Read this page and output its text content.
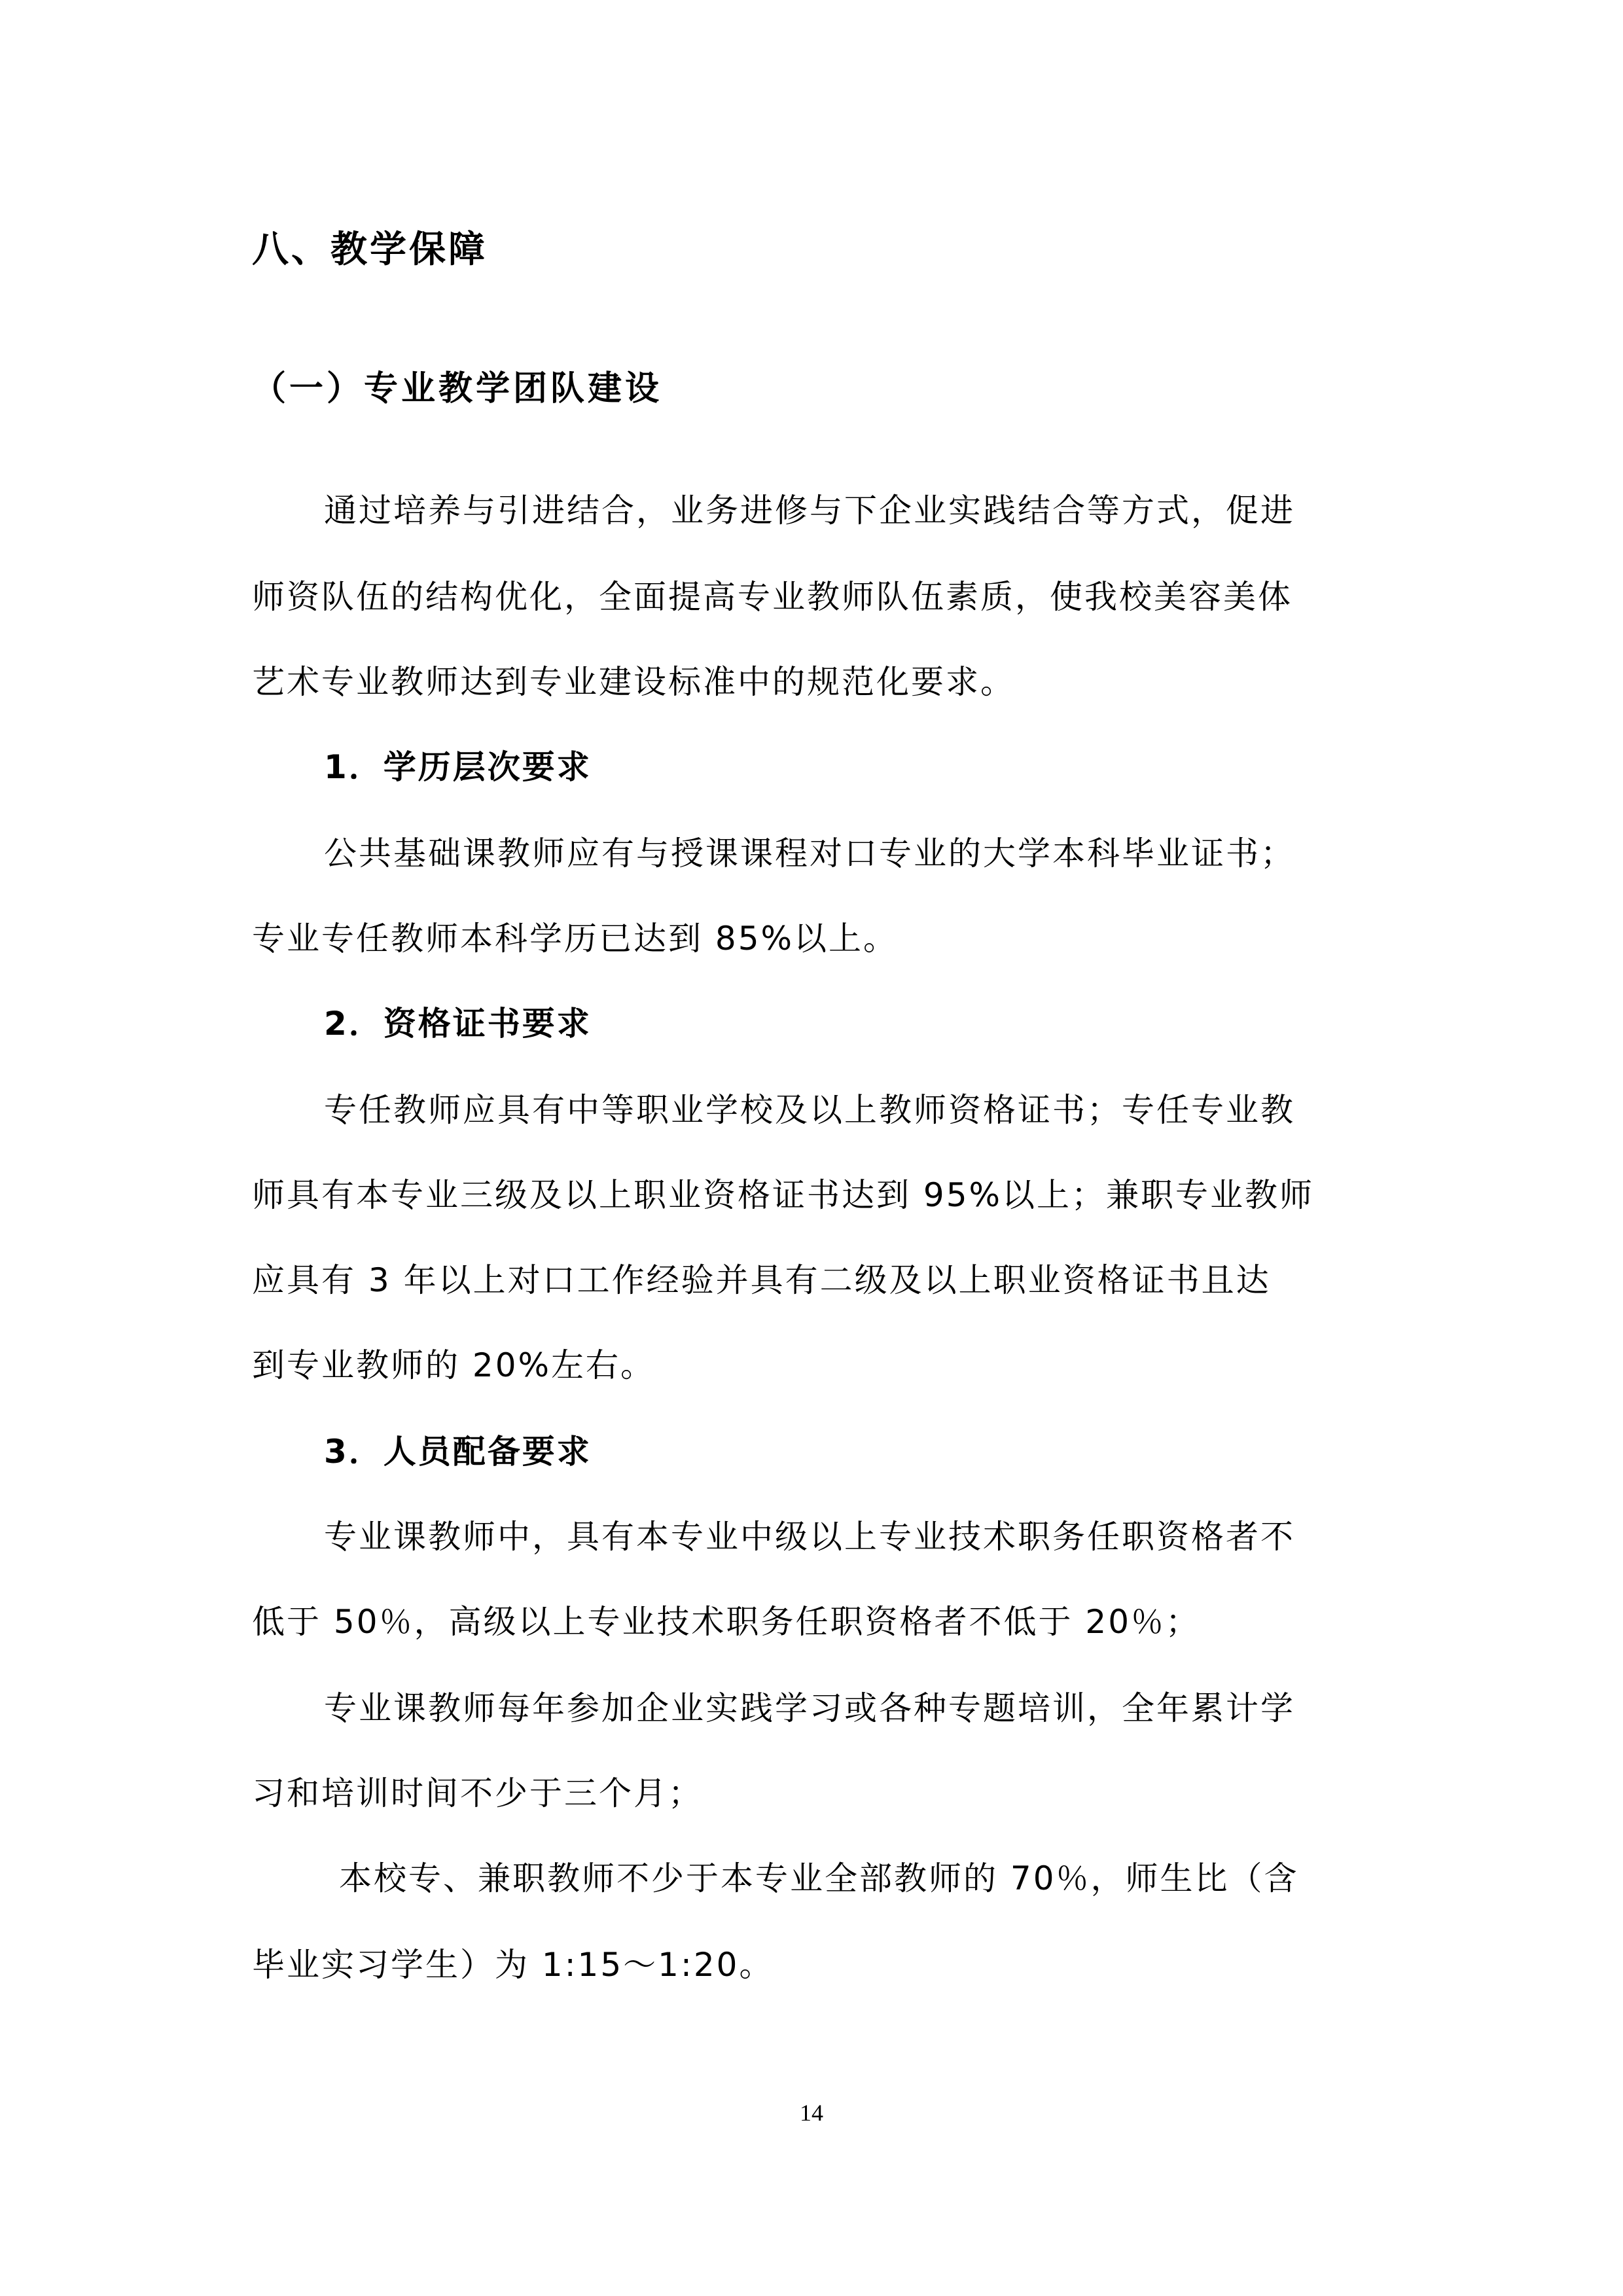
八、教学保障
（一）专业教学团队建设
通过培养与引进结合，业务进修与下企业实践结合等方式，促进
师资队伍的结构优化，全面提高专业教师队伍素质，使我校美容美体
艺术专业教师达到专业建设标准中的规范化要求。
1．学历层次要求
公共基础课教师应有与授课课程对口专业的大学本科毕业证书；
专业专任教师本科学历已达到 85%以上。
2．资格证书要求
专任教师应具有中等职业学校及以上教师资格证书；专任专业教
师具有本专业三级及以上职业资格证书达到 95%以上；兼职专业教师
应具有 3 年以上对口工作经验并具有二级及以上职业资格证书且达
到专业教师的 20%左右。
3．人员配备要求
专业课教师中，具有本专业中级以上专业技术职务任职资格者不
低于 50％，高级以上专业技术职务任职资格者不低于 20％；
专业课教师每年参加企业实践学习或各种专题培训，全年累计学
习和培训时间不少于三个月；
本校专、兼职教师不少于本专业全部教师的 70％，师生比（含
毕业实习学生）为 1:15～1:20。
14
